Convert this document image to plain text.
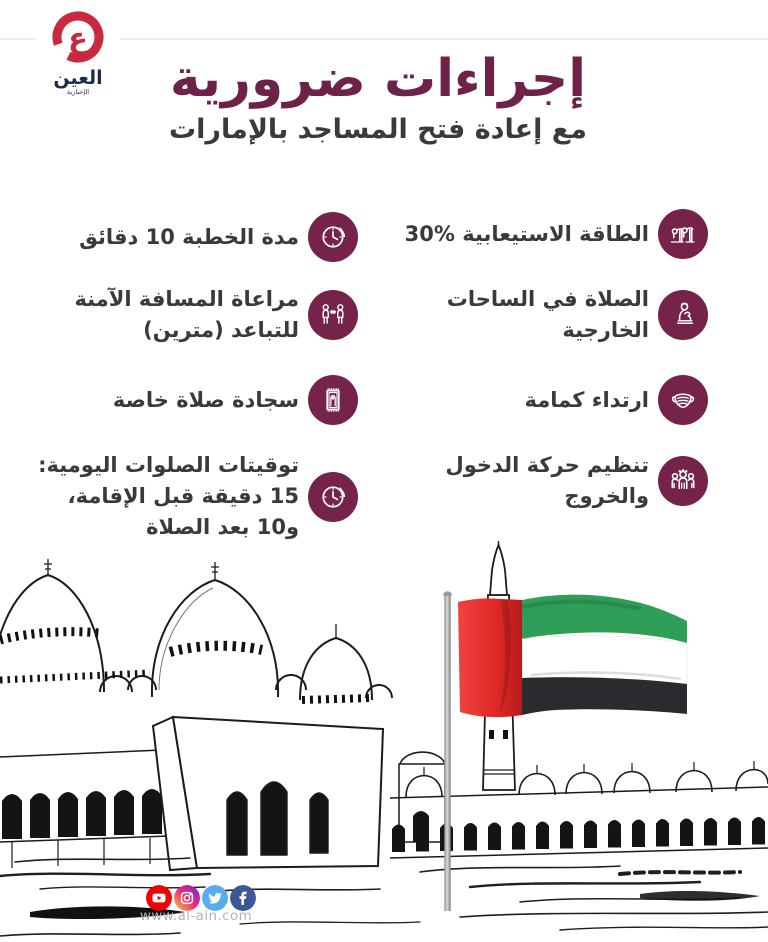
ع
العين
الإخبارية	إجراءات ضرورية
مع إعادة فتح المساجد بالإمارات
الطاقة الاستيعابية %30
الصلاة في الساحات
الخارجية
ارتداء كمامة
تنظيم حركة الدخول
والخروج
مدة الخطبة 10 دقائق
مراعاة المسافة الآمنة
للتباعد (مترين)
سجادة صلاة خاصة
توقيتات الصلوات اليومية:
15 دقيقة قبل الإقامة،
و10 بعد الصلاة
www.al-ain.com
